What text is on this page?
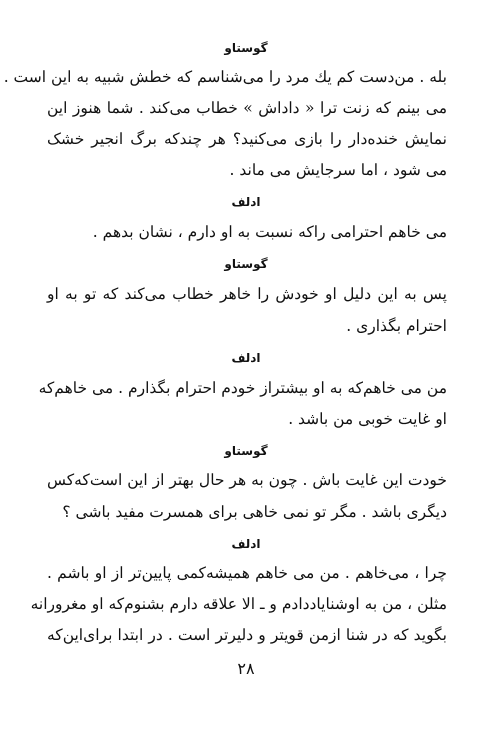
گوستاو
بله . من‌دست کم یك مرد را می‌شناسم که خطش شبیه به این است .
می بینم که زنت ترا « داداش » خطاب می‌کند . شما هنوز این
نمایش خنده‌دار را بازی می‌کنید؟ هر چندکه برگ انجیر خشک
می شود ، اما سرجایش می ماند .
ادلف
می خاهم احترامی راکه نسبت به او دارم ، نشان بدهم .
گوستاو
پس به این دلیل او خودش را خاهر خطاب می‌کند که تو به او
احترام بگذاری .
ادلف
من می خاهم‌که به او بیشتراز خودم احترام بگذارم . می خاهم‌که
او غایت خوبی من باشد .
گوستاو
خودت این غایت باش . چون به هر حال بهتر از این است‌که‌کس
دیگری باشد . مگر تو نمی خاهی برای همسرت مفید باشی ؟
ادلف
چرا ، می‌خاهم . من می خاهم همیشه‌کمی پایین‌تر از او باشم .
مثلن ، من به اوشنایاددادم و ـ الا علاقه دارم بشنوم‌که او مغرورانه
بگوید که در شنا ازمن قویتر و دلیرتر است . در ابتدا برای‌این‌که
۲۸
